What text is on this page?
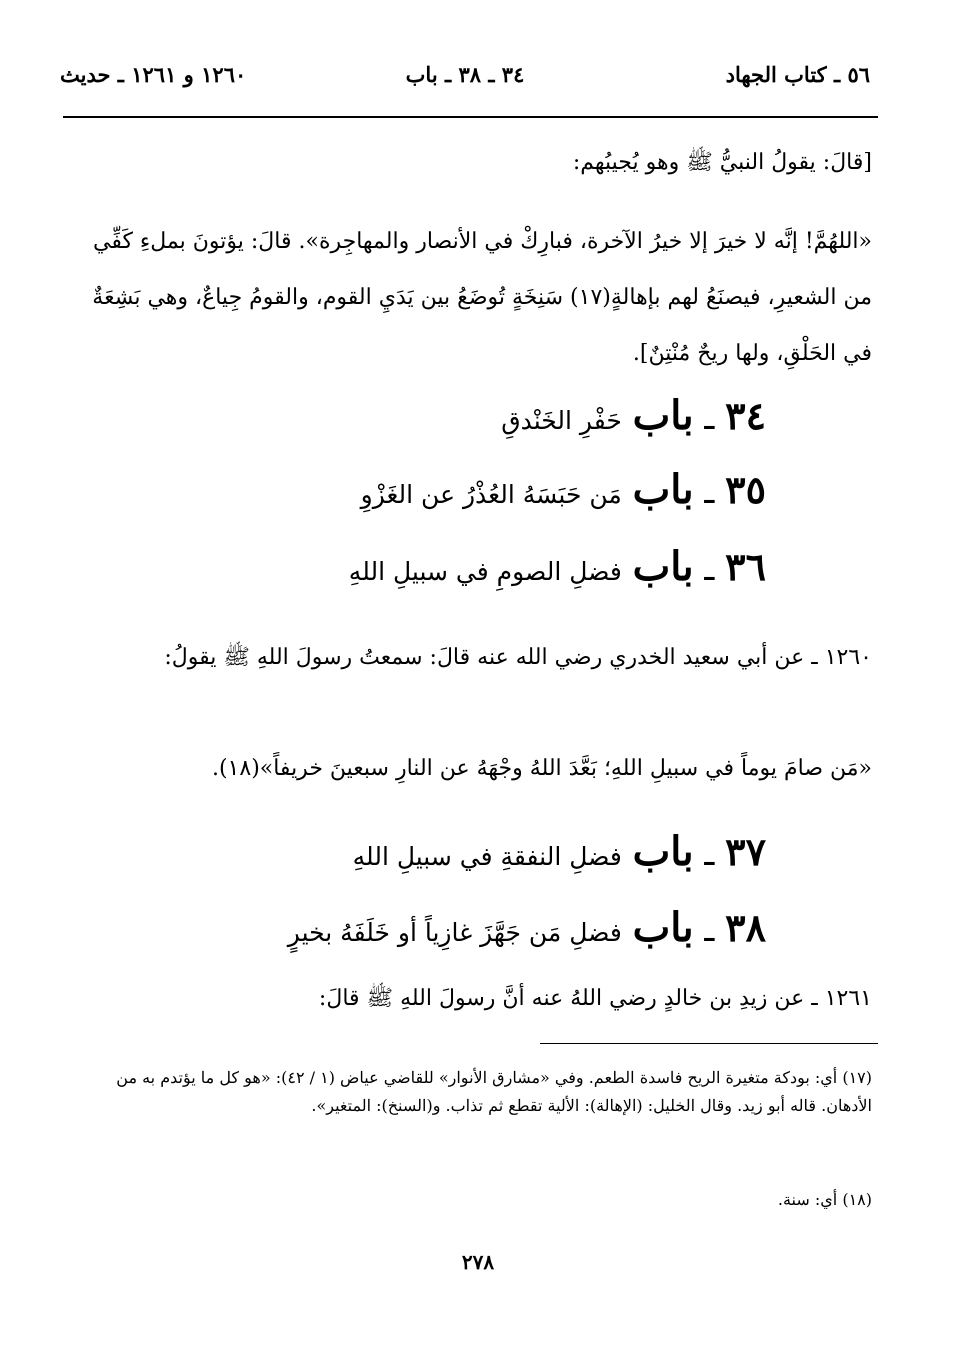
٥٦ ـ كتاب الجهاد
٣٤ ـ ٣٨ ـ باب
١٢٦٠ و ١٢٦١ ـ حديث
[قالَ: يقولُ النبيُّ ﷺ وهو يُجيبُهم:
«اللهُمَّ! إنَّه لا خيرَ إلا خيرُ الآخرة، فبارِكْ في الأنصار والمهاجِرة». قالَ: يؤتونَ بملءِ كَفِّي من الشعيرِ، فيصنَعُ لهم بإهالةٍ(١٧) سَنِخَةٍ تُوضَعُ بين يَدَيِ القوم، والقومُ جِياعٌ، وهي بَشِعَةٌ في الحَلْقِ، ولها ريحٌ مُنْتِنٌ].
٣٤ ـ باب حَفْرِ الخَنْدقِ
٣٥ ـ باب مَن حَبَسَهُ العُذْرُ عن الغَزْوِ
٣٦ ـ باب فضلِ الصومِ في سبيلِ اللهِ
١٢٦٠ ـ عن أبي سعيد الخدري رضي الله عنه قالَ: سمعتُ رسولَ اللهِ ﷺ يقولُ:
«مَن صامَ يوماً في سبيلِ اللهِ؛ بَعَّدَ اللهُ وجْهَهُ عن النارِ سبعينَ خريفاً»(١٨).
٣٧ ـ باب فضلِ النفقةِ في سبيلِ اللهِ
٣٨ ـ باب فضلِ مَن جَهَّزَ غازِياً أو خَلَفَهُ بخيرٍ
١٢٦١ ـ عن زيدِ بن خالدٍ رضي اللهُ عنه أنَّ رسولَ اللهِ ﷺ قالَ:
(١٧) أي: بودكة متغيرة الريح فاسدة الطعم. وفي «مشارق الأنوار» للقاضي عياض (١ / ٤٢): «هو كل ما يؤتدم به من الأدهان. قاله أبو زيد. وقال الخليل: (الإهالة): الألية تقطع ثم تذاب. و(السنخ): المتغير».
(١٨) أي: سنة.
٢٧٨
